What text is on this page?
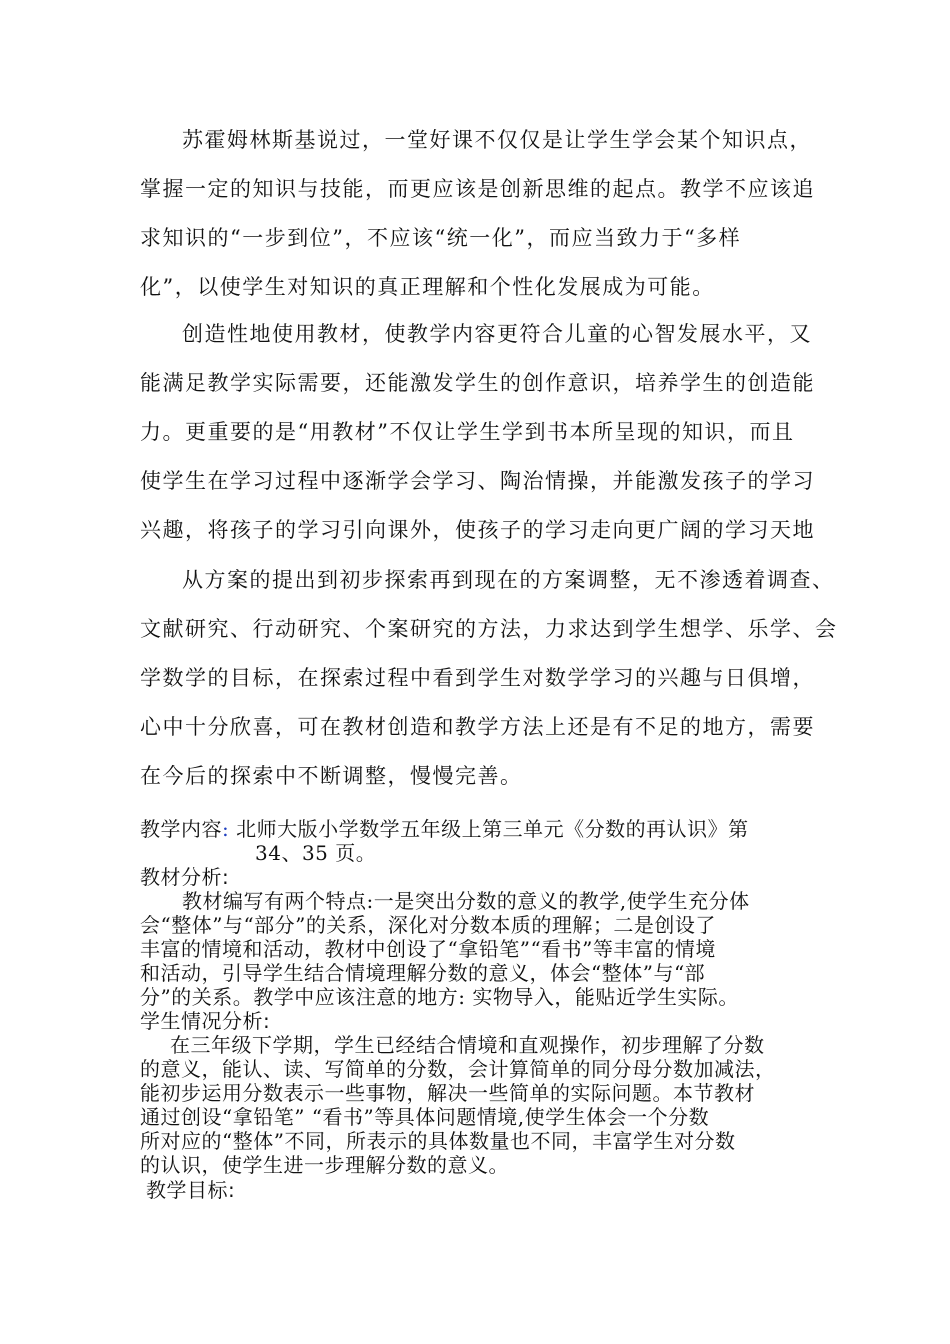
苏霍姆林斯基说过，一堂好课不仅仅是让学生学会某个知识点，
掌握一定的知识与技能，而更应该是创新思维的起点。教学不应该追
求知识的“一步到位”，不应该“统一化”，而应当致力于“多样
化”，以使学生对知识的真正理解和个性化发展成为可能。
创造性地使用教材，使教学内容更符合儿童的心智发展水平，又
能满足教学实际需要，还能激发学生的创作意识，培养学生的创造能
力。更重要的是“用教材”不仅让学生学到书本所呈现的知识，而且
使学生在学习过程中逐渐学会学习、陶治情操，并能激发孩子的学习
兴趣，将孩子的学习引向课外，使孩子的学习走向更广阔的学习天地
从方案的提出到初步探索再到现在的方案调整，无不渗透着调查、
文献研究、行动研究、个案研究的方法，力求达到学生想学、乐学、会
学数学的目标，在探索过程中看到学生对数学学习的兴趣与日俱增，
心中十分欣喜，可在教材创造和教学方法上还是有不足的地方，需要
在今后的探索中不断调整，慢慢完善。
教学内容: 北师大版小学数学五年级上第三单元《分数的再认识》第
34、35 页。
教材分析:
教材编写有两个特点:一是突出分数的意义的教学,使学生充分体
会“整体”与“部分”的关系，深化对分数本质的理解；二是创设了
丰富的情境和活动，教材中创设了“拿铅笔”“看书”等丰富的情境
和活动，引导学生结合情境理解分数的意义，体会“整体”与“部
分”的关系。教学中应该注意的地方: 实物导入，能贴近学生实际。
学生情况分析:
在三年级下学期，学生已经结合情境和直观操作，初步理解了分数
的意义，能认、读、写简单的分数，会计算简单的同分母分数加减法，
能初步运用分数表示一些事物，解决一些简单的实际问题。本节教材
通过创设“拿铅笔” “看书”等具体问题情境,使学生体会一个分数
所对应的“整体”不同，所表示的具体数量也不同，丰富学生对分数
的认识，使学生进一步理解分数的意义。
教学目标:
